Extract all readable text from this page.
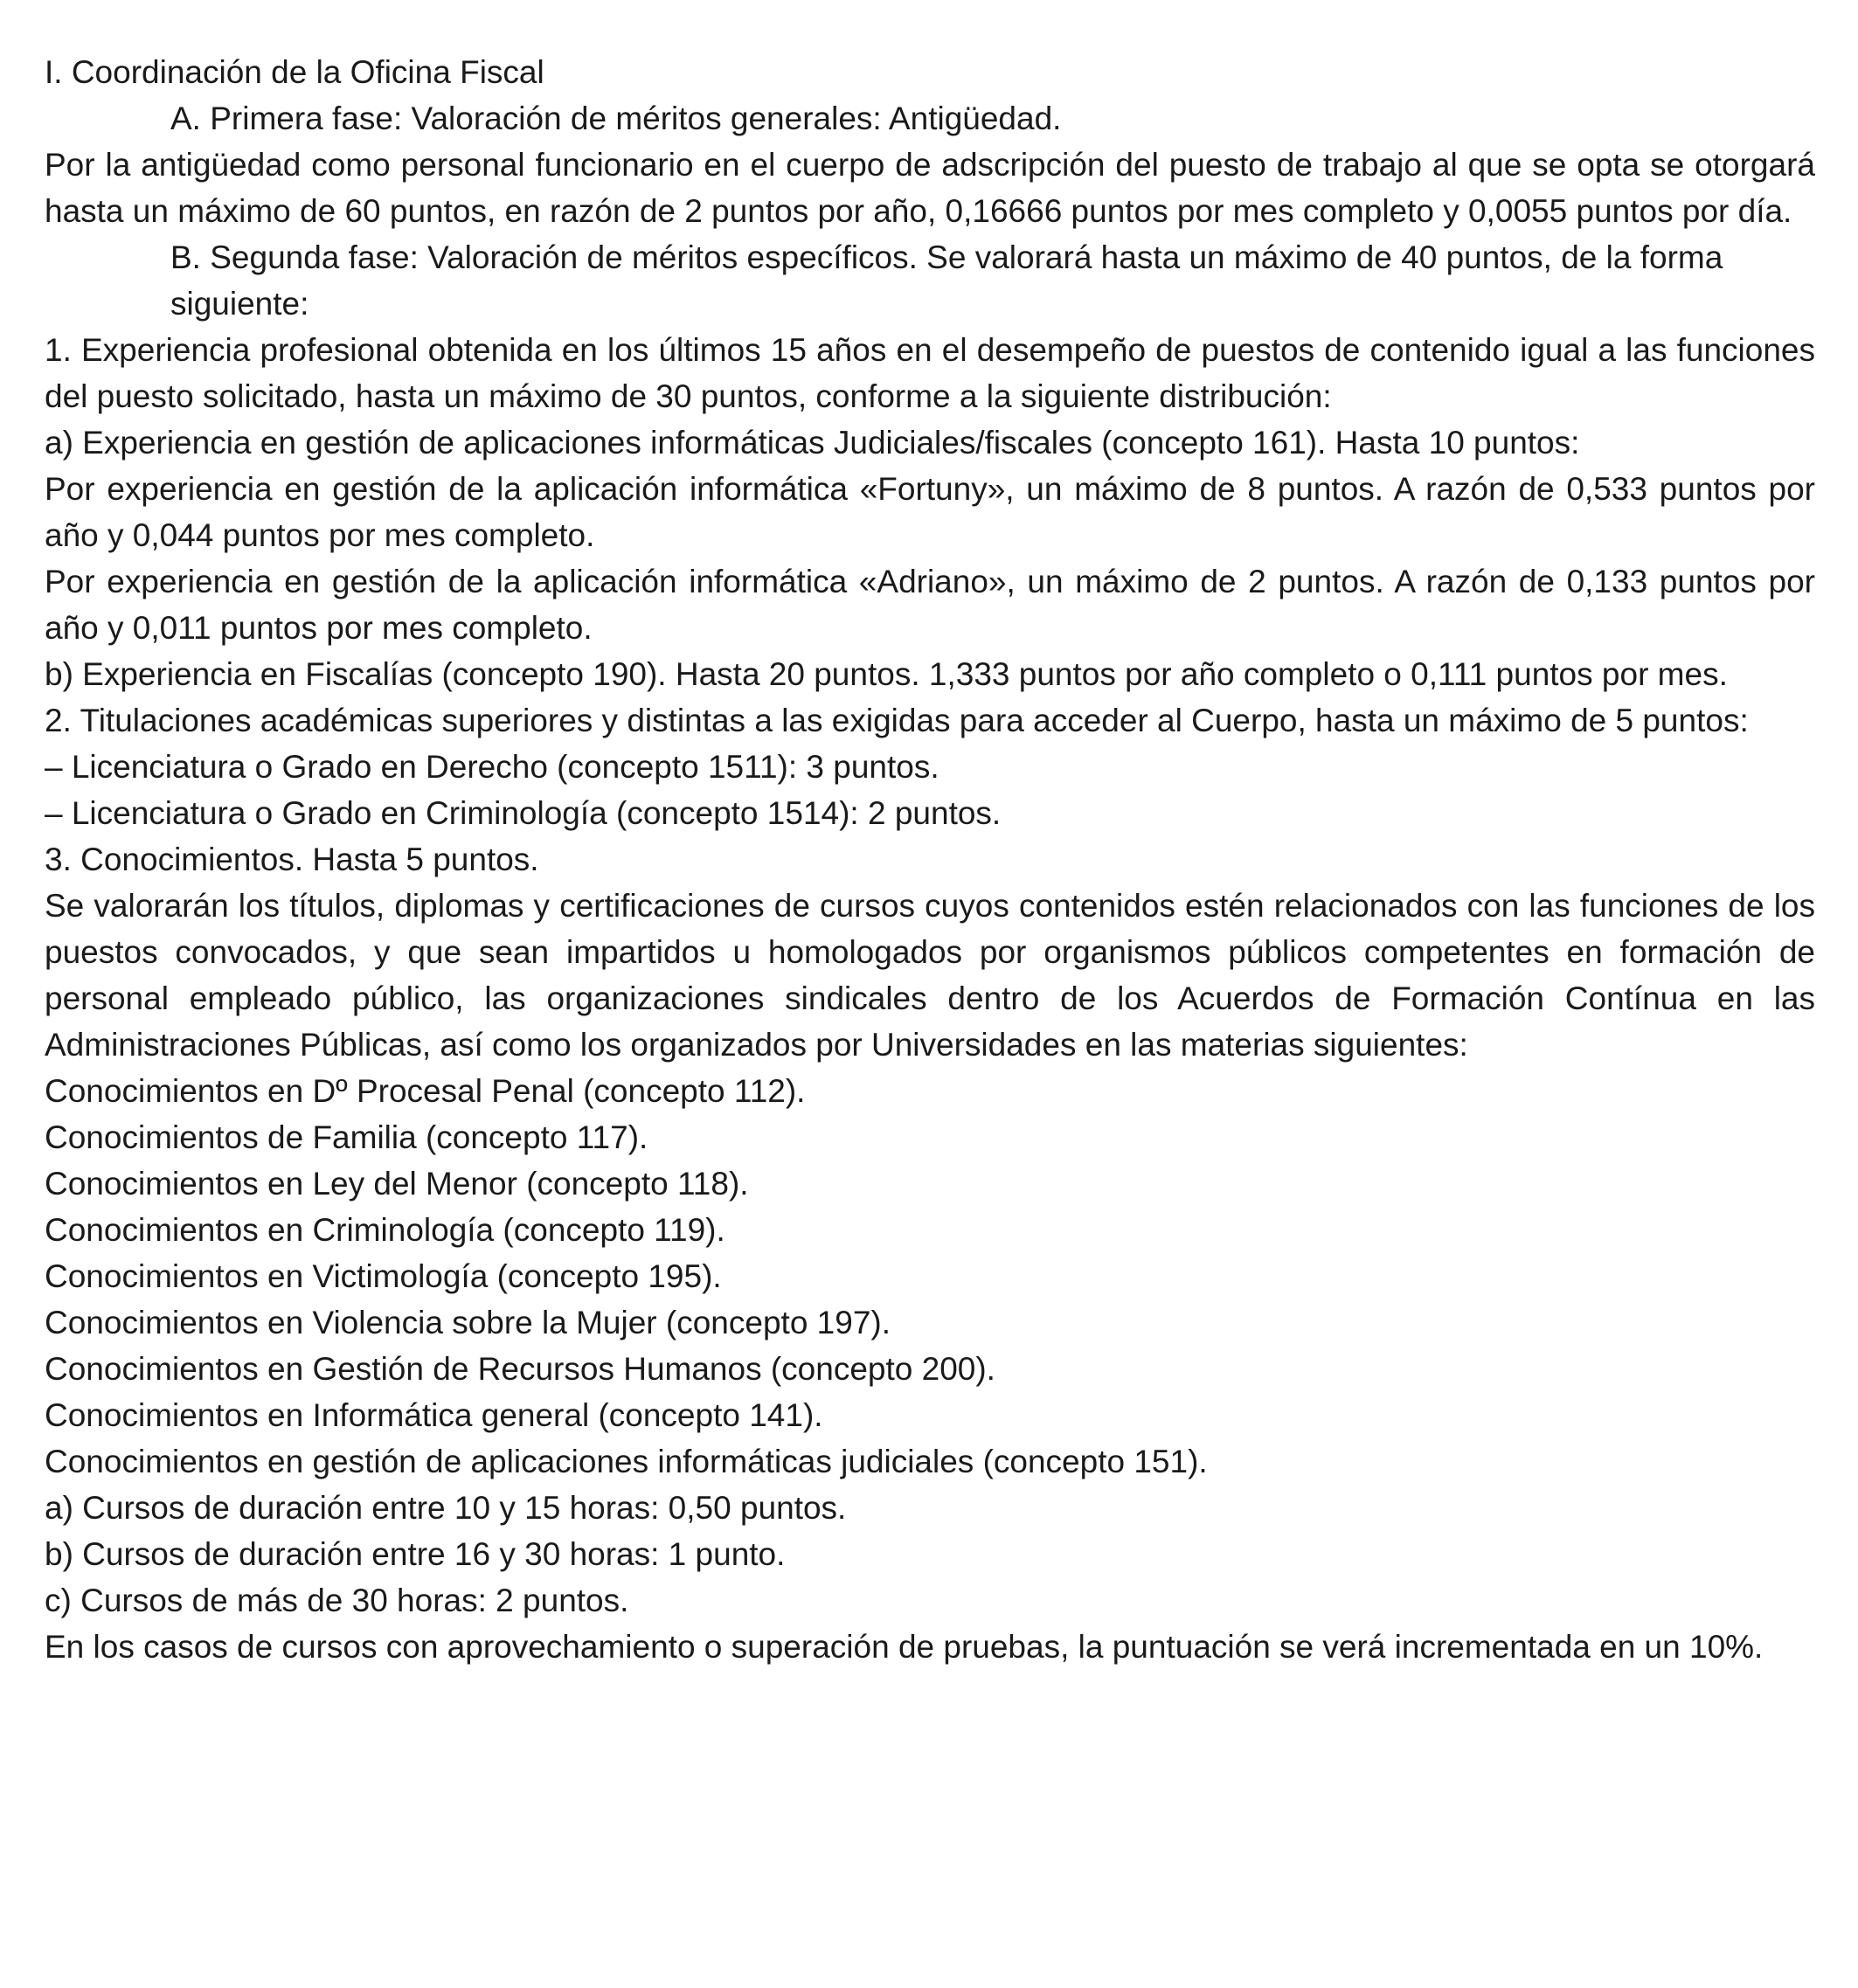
I. Coordinación de la Oficina Fiscal

A. Primera fase: Valoración de méritos generales: Antigüedad.

Por la antigüedad como personal funcionario en el cuerpo de adscripción del puesto de trabajo al que se opta se otorgará hasta un máximo de 60 puntos, en razón de 2 puntos por año, 0,16666 puntos por mes completo y 0,0055 puntos por día.

B. Segunda fase: Valoración de méritos específicos. Se valorará hasta un máximo de 40 puntos, de la forma siguiente:

1. Experiencia profesional obtenida en los últimos 15 años en el desempeño de puestos de contenido igual a las funciones del puesto solicitado, hasta un máximo de 30 puntos, conforme a la siguiente distribución:

a) Experiencia en gestión de aplicaciones informáticas Judiciales/fiscales (concepto 161). Hasta 10 puntos:

Por experiencia en gestión de la aplicación informática «Fortuny», un máximo de 8 puntos. A razón de 0,533 puntos por año y 0,044 puntos por mes completo.

Por experiencia en gestión de la aplicación informática «Adriano», un máximo de 2 puntos. A razón de 0,133 puntos por año y 0,011 puntos por mes completo.

b) Experiencia en Fiscalías (concepto 190). Hasta 20 puntos. 1,333 puntos por año completo o 0,111 puntos por mes.

2. Titulaciones académicas superiores y distintas a las exigidas para acceder al Cuerpo, hasta un máximo de 5 puntos:

– Licenciatura o Grado en Derecho (concepto 1511): 3 puntos.

– Licenciatura o Grado en Criminología (concepto 1514): 2 puntos.

3. Conocimientos. Hasta 5 puntos.

Se valorarán los títulos, diplomas y certificaciones de cursos cuyos contenidos estén relacionados con las funciones de los puestos convocados, y que sean impartidos u homologados por organismos públicos competentes en formación de personal empleado público, las organizaciones sindicales dentro de los Acuerdos de Formación Contínua en las Administraciones Públicas, así como los organizados por Universidades en las materias siguientes:

Conocimientos en Dº Procesal Penal (concepto 112).

Conocimientos de Familia (concepto 117).

Conocimientos en Ley del Menor (concepto 118).

Conocimientos en Criminología (concepto 119).

Conocimientos en Victimología (concepto 195).

Conocimientos en Violencia sobre la Mujer (concepto 197).

Conocimientos en Gestión de Recursos Humanos (concepto 200).

Conocimientos en Informática general (concepto 141).

Conocimientos en gestión de aplicaciones informáticas judiciales (concepto 151).

a) Cursos de duración entre 10 y 15 horas: 0,50 puntos.

b) Cursos de duración entre 16 y 30 horas: 1 punto.

c) Cursos de más de 30 horas: 2 puntos.

En los casos de cursos con aprovechamiento o superación de pruebas, la puntuación se verá incrementada en un 10%.
